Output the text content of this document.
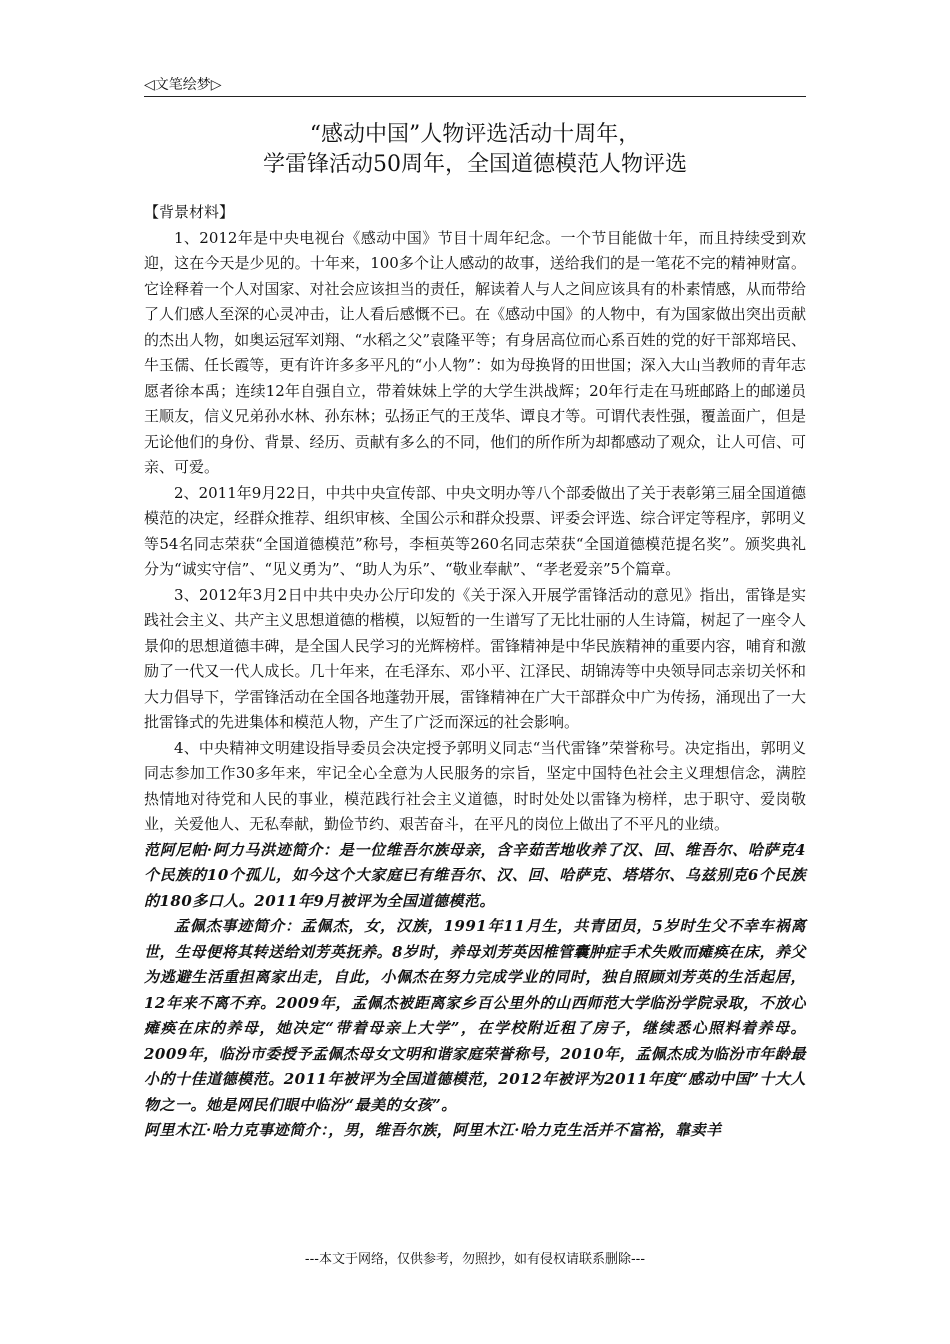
◁文笔绘梦▷
“感动中国”人物评选活动十周年，
学雷锋活动50周年，全国道德模范人物评选

【背景材料】

1、2012年是中央电视台《感动中国》节目十周年纪念。一个节目能做十年，而且持续受到欢迎，这在今天是少见的。十年来，100多个让人感动的故事，送给我们的是一笔花不完的精神财富。它诠释着一个人对国家、对社会应该担当的责任，解读着人与人之间应该具有的朴素情感，从而带给了人们感人至深的心灵冲击，让人看后感慨不已。在《感动中国》的人物中，有为国家做出突出贡献的杰出人物，如奥运冠军刘翔、“水稻之父”袁隆平等；有身居高位而心系百姓的党的好干部郑培民、牛玉儒、任长霞等，更有许许多多平凡的“小人物”：如为母换肾的田世国；深入大山当教师的青年志愿者徐本禹；连续12年自强自立，带着妹妹上学的大学生洪战辉；20年行走在马班邮路上的邮递员王顺友，信义兄弟孙水林、孙东林；弘扬正气的王茂华、谭良才等。可谓代表性强，覆盖面广，但是无论他们的身份、背景、经历、贡献有多么的不同，他们的所作所为却都感动了观众，让人可信、可亲、可爱。

2、2011年9月22日，中共中央宣传部、中央文明办等八个部委做出了关于表彰第三届全国道德模范的决定，经群众推荐、组织审核、全国公示和群众投票、评委会评选、综合评定等程序，郭明义等54名同志荣获“全国道德模范”称号，李桓英等260名同志荣获“全国道德模范提名奖”。颁奖典礼分为“诚实守信”、“见义勇为”、“助人为乐”、“敬业奉献”、“孝老爱亲”5个篇章。

3、2012年3月2日中共中央办公厅印发的《关于深入开展学雷锋活动的意见》指出，雷锋是实践社会主义、共产主义思想道德的楷模，以短暂的一生谱写了无比壮丽的人生诗篇，树起了一座令人景仰的思想道德丰碑，是全国人民学习的光辉榜样。雷锋精神是中华民族精神的重要内容，哺育和激励了一代又一代人成长。几十年来，在毛泽东、邓小平、江泽民、胡锦涛等中央领导同志亲切关怀和大力倡导下，学雷锋活动在全国各地蓬勃开展，雷锋精神在广大干部群众中广为传扬，涌现出了一大批雷锋式的先进集体和模范人物，产生了广泛而深远的社会影响。

4、中央精神文明建设指导委员会决定授予郭明义同志“当代雷锋”荣誉称号。决定指出，郭明义同志参加工作30多年来，牢记全心全意为人民服务的宗旨，坚定中国特色社会主义理想信念，满腔热情地对待党和人民的事业，模范践行社会主义道德，时时处处以雷锋为榜样，忠于职守、爱岗敬业，关爱他人、无私奉献，勤俭节约、艰苦奋斗，在平凡的岗位上做出了不平凡的业绩。

范阿尼帕·阿力马洪迹简介：是一位维吾尔族母亲，含辛茹苦地收养了汉、回、维吾尔、哈萨克4个民族的10个孤儿，如今这个大家庭已有维吾尔、汉、回、哈萨克、塔塔尔、乌兹别克6个民族的180多口人。2011年9月被评为全国道德模范。

孟佩杰事迹简介：孟佩杰，女，汉族，1991年11月生，共青团员，5岁时生父不幸车祸离世，生母便将其转送给刘芳英抚养。8岁时，养母刘芳英因椎管囊肿症手术失败而瘫痪在床，养父为逃避生活重担离家出走，自此，小佩杰在努力完成学业的同时，独自照顾刘芳英的生活起居，12年来不离不弃。2009年，孟佩杰被距离家乡百公里外的山西师范大学临汾学院录取，不放心瘫痪在床的养母，她决定“带着母亲上大学”，在学校附近租了房子，继续悉心照料着养母。2009年，临汾市委授予孟佩杰母女文明和谐家庭荣誉称号，2010年，孟佩杰成为临汾市年龄最小的十佳道德模范。2011年被评为全国道德模范，2012年被评为2011年度“感动中国”十大人物之一。她是网民们眼中临汾“最美的女孩”。

阿里木江·哈力克事迹简介：，男，维吾尔族，阿里木江·哈力克生活并不富裕，靠卖羊

---本文于网络，仅供参考，勿照抄，如有侵权请联系删除---
